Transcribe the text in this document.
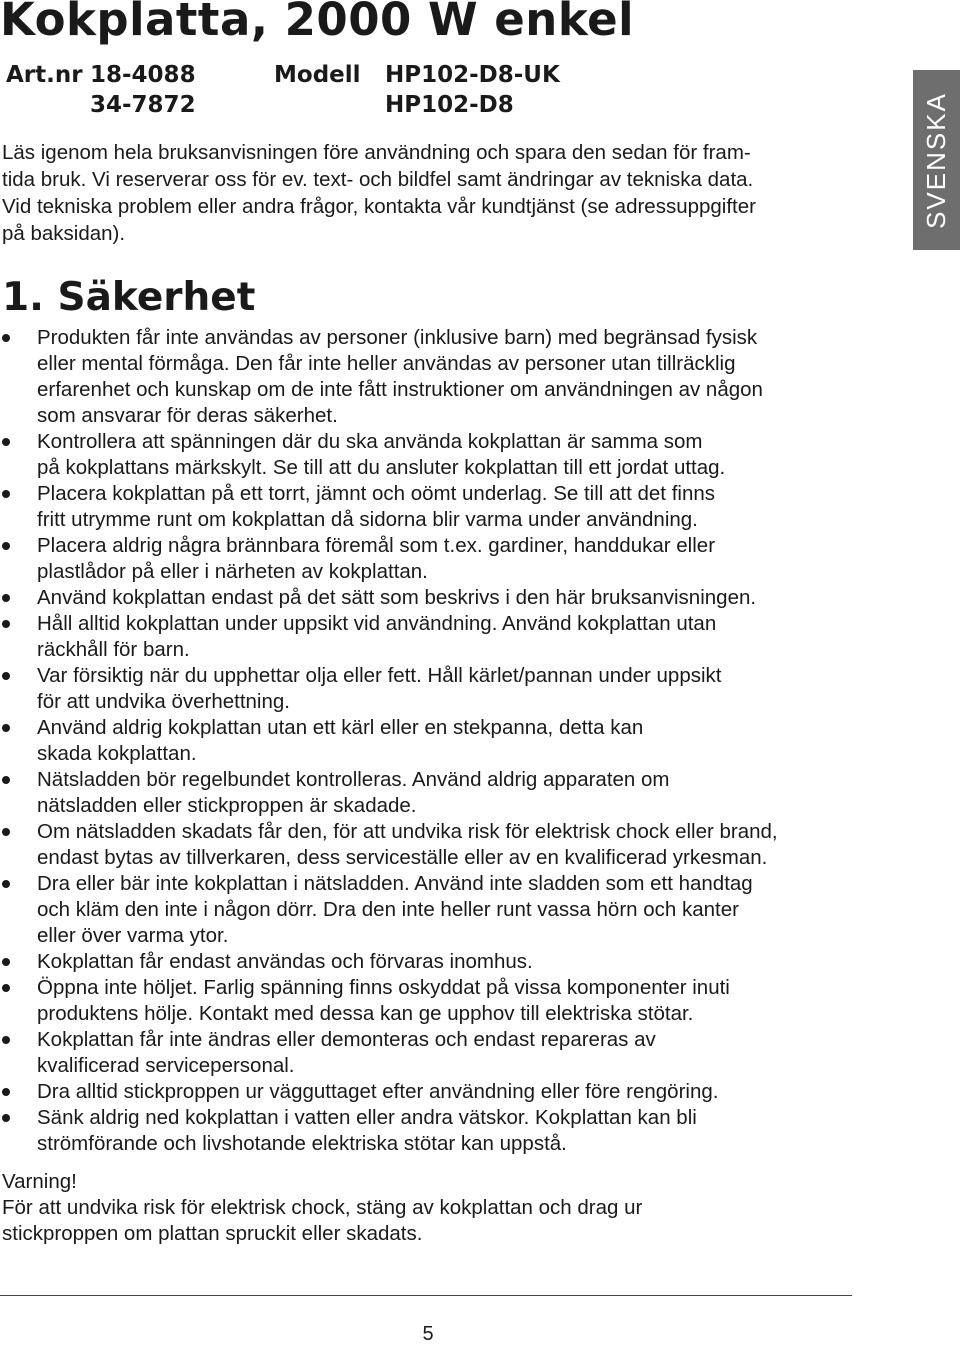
Kokplatta, 2000 W enkel
Art.nr 18-4088	Modell HP102-D8-UK
34-7872	HP102-D8
Läs igenom hela bruksanvisningen före användning och spara den sedan för fram-
tida bruk. Vi reserverar oss för ev. text- och bildfel samt ändringar av tekniska data.
Vid tekniska problem eller andra frågor, kontakta vår kundtjänst (se adressuppgifter
på baksidan).
SVENSKA
1. Säkerhet
Produkten får inte användas av personer (inklusive barn) med begränsad fysisk
eller mental förmåga. Den får inte heller användas av personer utan tillräcklig
erfarenhet och kunskap om de inte fått instruktioner om användningen av någon
som ansvarar för deras säkerhet.
Kontrollera att spänningen där du ska använda kokplattan är samma som
på kokplattans märkskylt. Se till att du ansluter kokplattan till ett jordat uttag.
Placera kokplattan på ett torrt, jämnt och oömt underlag. Se till att det finns
fritt utrymme runt om kokplattan då sidorna blir varma under användning.
Placera aldrig några brännbara föremål som t.ex. gardiner, handdukar eller
plastlådor på eller i närheten av kokplattan.
Använd kokplattan endast på det sätt som beskrivs i den här bruksanvisningen.
Håll alltid kokplattan under uppsikt vid användning. Använd kokplattan utan
räckhåll för barn.
Var försiktig när du upphettar olja eller fett. Håll kärlet/pannan under uppsikt
för att undvika överhettning.
Använd aldrig kokplattan utan ett kärl eller en stekpanna, detta kan
skada kokplattan.
Nätsladden bör regelbundet kontrolleras. Använd aldrig apparaten om
nätsladden eller stickproppen är skadade.
Om nätsladden skadats får den, för att undvika risk för elektrisk chock eller brand,
endast bytas av tillverkaren, dess serviceställe eller av en kvalificerad yrkesman.
Dra eller bär inte kokplattan i nätsladden. Använd inte sladden som ett handtag
och kläm den inte i någon dörr. Dra den inte heller runt vassa hörn och kanter
eller över varma ytor.
Kokplattan får endast användas och förvaras inomhus.
Öppna inte höljet. Farlig spänning finns oskyddat på vissa komponenter inuti
produktens hölje. Kontakt med dessa kan ge upphov till elektriska stötar.
Kokplattan får inte ändras eller demonteras och endast repareras av
kvalificerad servicepersonal.
Dra alltid stickproppen ur vägguttaget efter användning eller före rengöring.
Sänk aldrig ned kokplattan i vatten eller andra vätskor. Kokplattan kan bli
strömförande och livshotande elektriska stötar kan uppstå.

Varning!

För att undvika risk för elektrisk chock, stäng av kokplattan och drag ur
stickproppen om plattan spruckit eller skadats.

5
